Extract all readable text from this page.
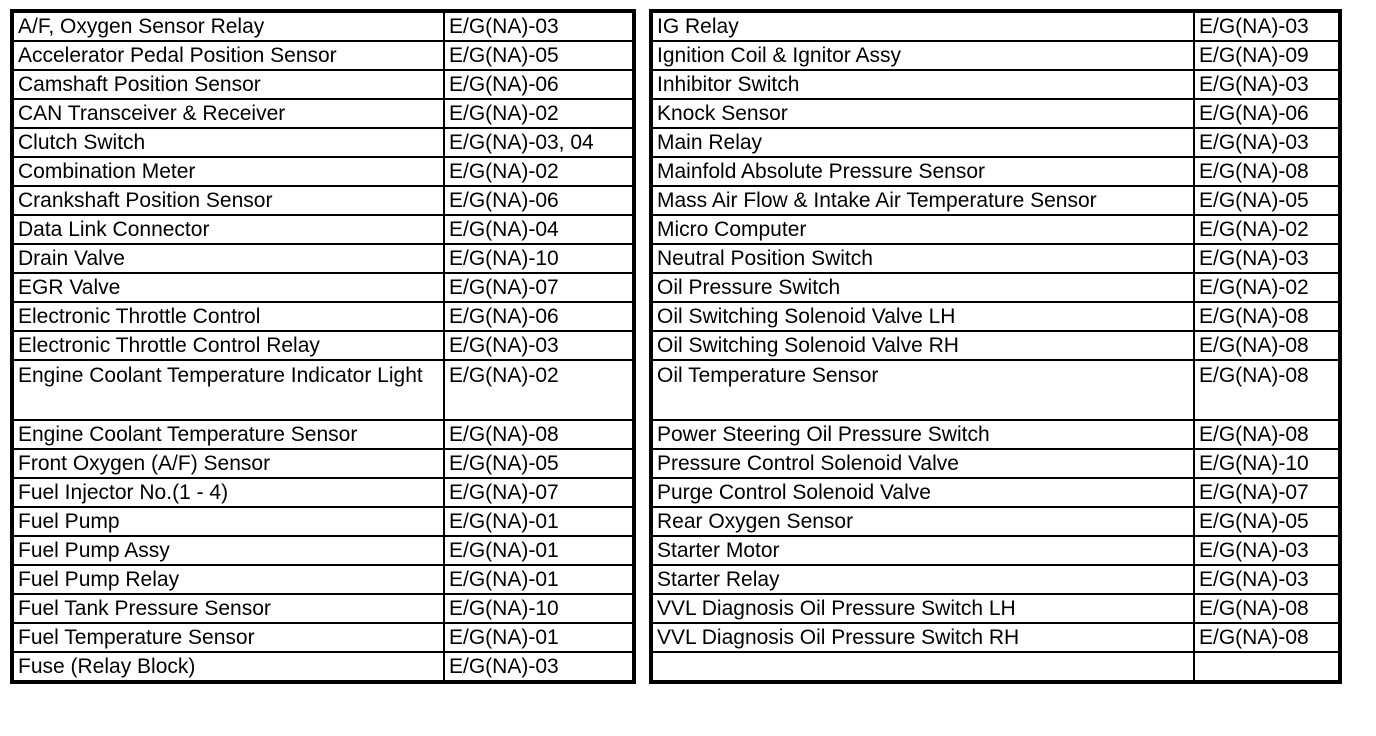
A/F, Oxygen Sensor Relay	E/G(NA)-03		IG Relay	E/G(NA)-03
Accelerator Pedal Position Sensor	E/G(NA)-05		Ignition Coil & Ignitor Assy	E/G(NA)-09
Camshaft Position Sensor	E/G(NA)-06		Inhibitor Switch	E/G(NA)-03
CAN Transceiver & Receiver	E/G(NA)-02		Knock Sensor	E/G(NA)-06
Clutch Switch	E/G(NA)-03, 04		Main Relay	E/G(NA)-03
Combination Meter	E/G(NA)-02		Mainfold Absolute Pressure Sensor	E/G(NA)-08
Crankshaft Position Sensor	E/G(NA)-06		Mass Air Flow & Intake Air Temperature Sensor	E/G(NA)-05
Data Link Connector	E/G(NA)-04		Micro Computer	E/G(NA)-02
Drain Valve	E/G(NA)-10		Neutral Position Switch	E/G(NA)-03
EGR Valve	E/G(NA)-07		Oil Pressure Switch	E/G(NA)-02
Electronic Throttle Control	E/G(NA)-06		Oil Switching Solenoid Valve LH	E/G(NA)-08
Electronic Throttle Control Relay	E/G(NA)-03		Oil Switching Solenoid Valve RH	E/G(NA)-08
Engine Coolant Temperature Indicator Light	E/G(NA)-02		Oil Temperature Sensor	E/G(NA)-08
Engine Coolant Temperature Sensor	E/G(NA)-08		Power Steering Oil Pressure Switch	E/G(NA)-08
Front Oxygen (A/F) Sensor	E/G(NA)-05		Pressure Control Solenoid Valve	E/G(NA)-10
Fuel Injector No.(1 - 4)	E/G(NA)-07		Purge Control Solenoid Valve	E/G(NA)-07
Fuel Pump	E/G(NA)-01		Rear Oxygen Sensor	E/G(NA)-05
Fuel Pump Assy	E/G(NA)-01		Starter Motor	E/G(NA)-03
Fuel Pump Relay	E/G(NA)-01		Starter Relay	E/G(NA)-03
Fuel Tank Pressure Sensor	E/G(NA)-10		VVL Diagnosis Oil Pressure Switch LH	E/G(NA)-08
Fuel Temperature Sensor	E/G(NA)-01		VVL Diagnosis Oil Pressure Switch RH	E/G(NA)-08
Fuse (Relay Block)	E/G(NA)-03			
